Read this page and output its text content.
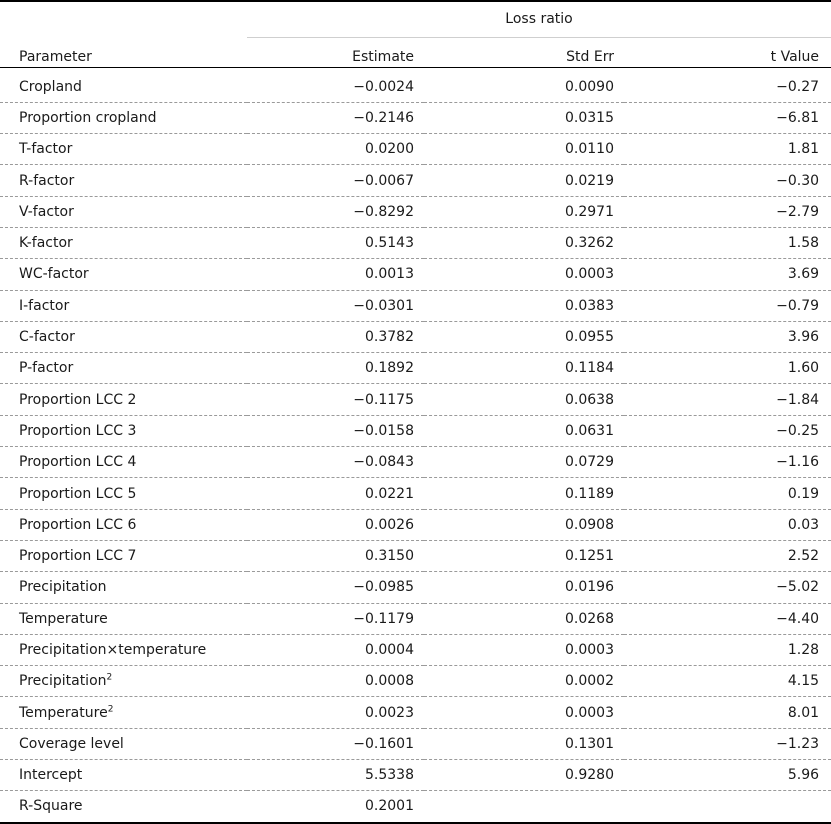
	Loss ratio		
Parameter	Estimate	Std Err	t Value
Cropland	−0.0024	0.0090	−0.27
Proportion cropland	−0.2146	0.0315	−6.81
T-factor	0.0200	0.0110	1.81
R-factor	−0.0067	0.0219	−0.30
V-factor	−0.8292	0.2971	−2.79
K-factor	0.5143	0.3262	1.58
WC-factor	0.0013	0.0003	3.69
I-factor	−0.0301	0.0383	−0.79
C-factor	0.3782	0.0955	3.96
P-factor	0.1892	0.1184	1.60
Proportion LCC 2	−0.1175	0.0638	−1.84
Proportion LCC 3	−0.0158	0.0631	−0.25
Proportion LCC 4	−0.0843	0.0729	−1.16
Proportion LCC 5	0.0221	0.1189	0.19
Proportion LCC 6	0.0026	0.0908	0.03
Proportion LCC 7	0.3150	0.1251	2.52
Precipitation	−0.0985	0.0196	−5.02
Temperature	−0.1179	0.0268	−4.40
Precipitation×temperature	0.0004	0.0003	1.28
Precipitation$^2$	0.0008	0.0002	4.15
Temperature$^2$	0.0023	0.0003	8.01
Coverage level	−0.1601	0.1301	−1.23
Intercept	5.5338	0.9280	5.96
R-Square	0.2001		
